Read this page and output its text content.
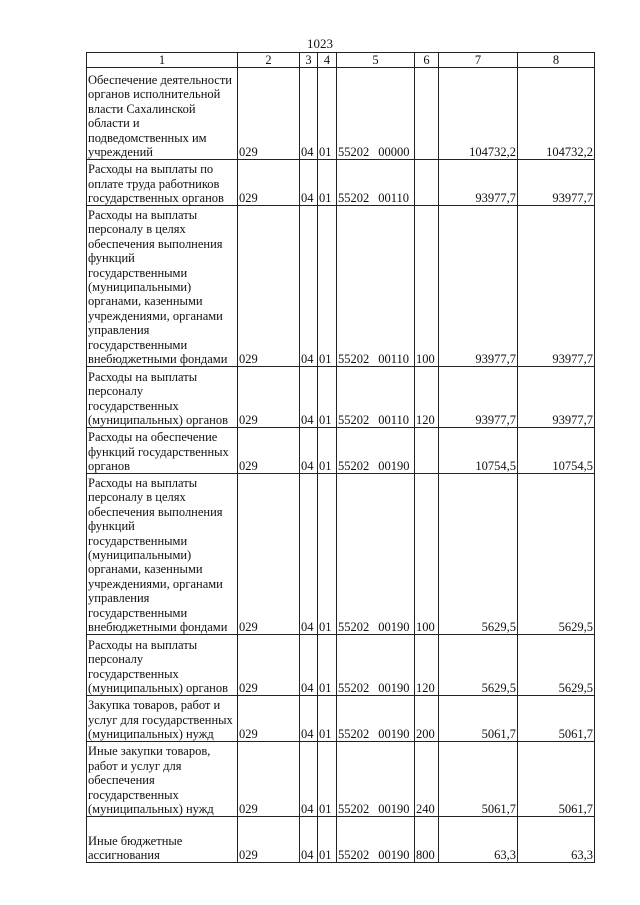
1023
1	2	3	4	5	6	7	8
Обеспечение деятельности органов исполнительной власти Сахалинской области и подведомственных им учреждений	029	04	01	55202 00000		104732,2	104732,2
Расходы на выплаты по оплате труда работников государственных органов	029	04	01	55202 00110		93977,7	93977,7
Расходы на выплаты персоналу в целях обеспечения выполнения функций государственными (муниципальными) органами, казенными учреждениями, органами управления государственными внебюджетными фондами	029	04	01	55202 00110	100	93977,7	93977,7
Расходы на выплаты персоналу государственных (муниципальных) органов	029	04	01	55202 00110	120	93977,7	93977,7
Расходы на обеспечение функций государственных органов	029	04	01	55202 00190		10754,5	10754,5
Расходы на выплаты персоналу в целях обеспечения выполнения функций государственными (муниципальными) органами, казенными учреждениями, органами управления государственными внебюджетными фондами	029	04	01	55202 00190	100	5629,5	5629,5
Расходы на выплаты персоналу государственных (муниципальных) органов	029	04	01	55202 00190	120	5629,5	5629,5
Закупка товаров, работ и услуг для государственных (муниципальных) нужд	029	04	01	55202 00190	200	5061,7	5061,7
Иные закупки товаров, работ и услуг для обеспечения государственных (муниципальных) нужд	029	04	01	55202 00190	240	5061,7	5061,7
Иные бюджетные ассигнования	029	04	01	55202 00190	800	63,3	63,3
